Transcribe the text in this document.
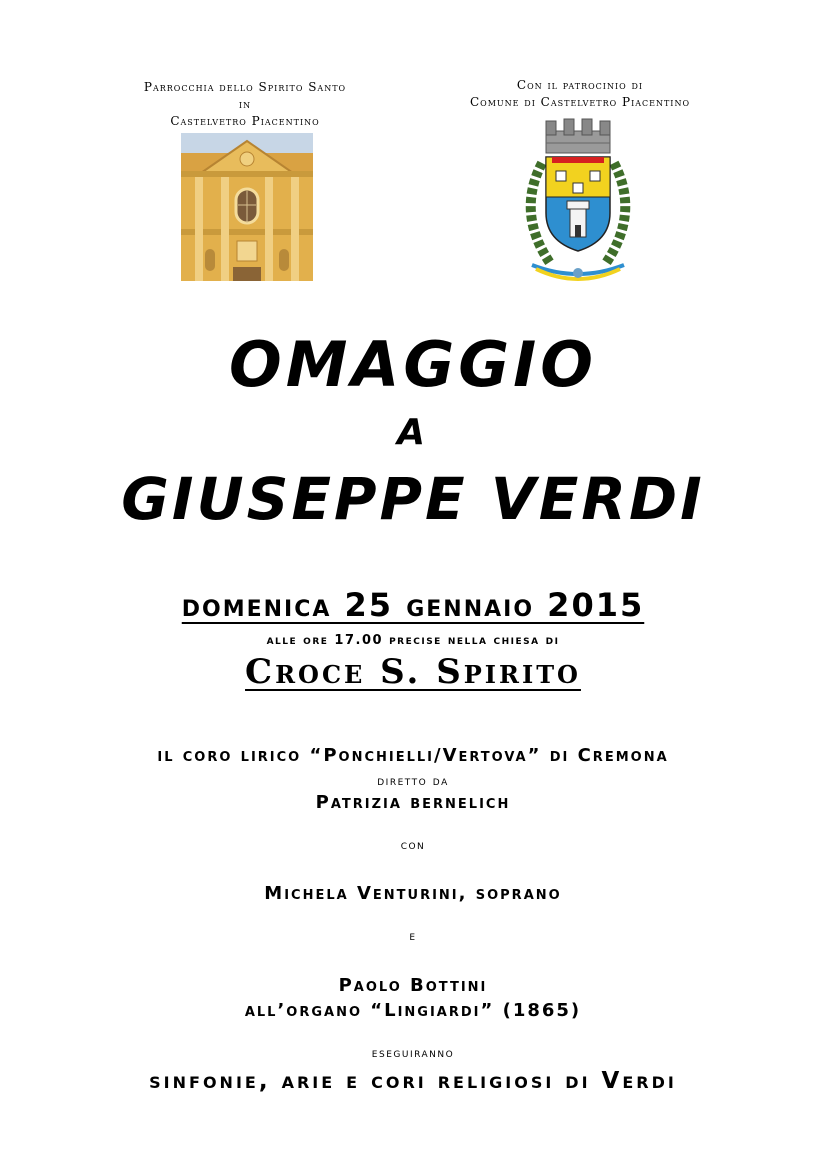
Parrocchia dello Spirito Santo
in
Castelvetro Piacentino
Con il patrocinio di
Comune di Castelvetro Piacentino
OMAGGIO
A
GIUSEPPE VERDI
domenica 25 gennaio 2015
alle ore 17.00 precise nella chiesa di
Croce S. Spirito
il coro lirico “Ponchielli/Vertova” di Cremona
diretto da
Patrizia bernelich
con
Michela Venturini, soprano
e
Paolo Bottini
all’organo “Lingiardi” (1865)
eseguiranno
sinfonie, arie e cori religiosi di Verdi
